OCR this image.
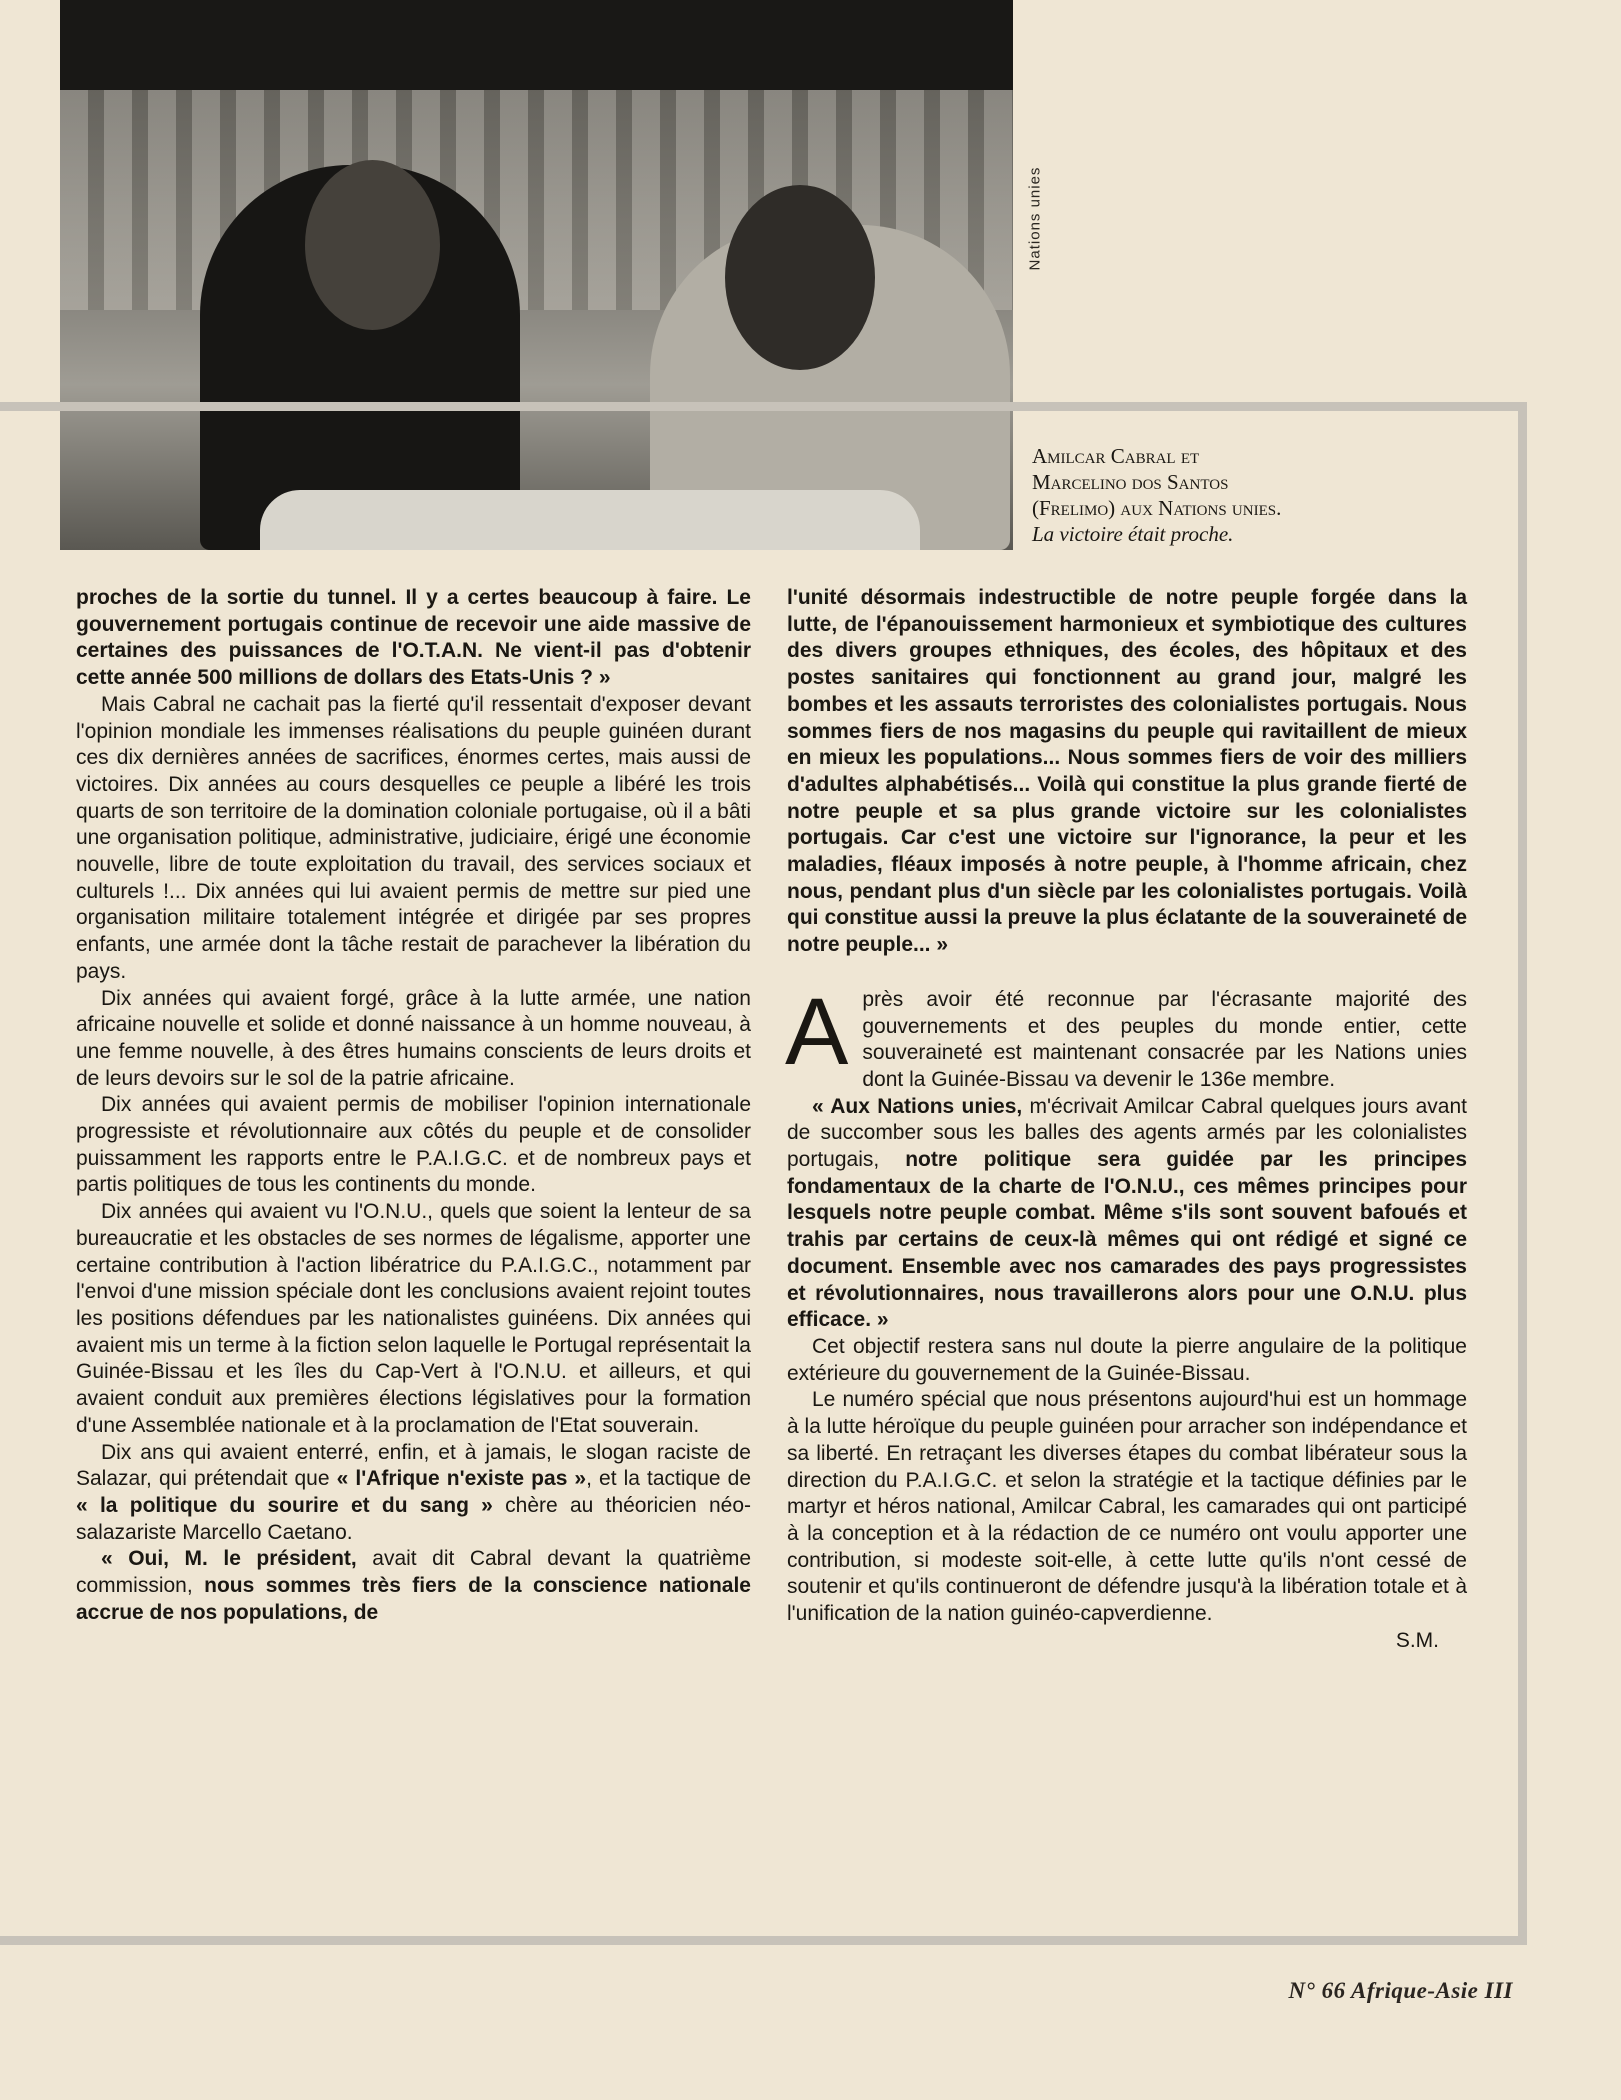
Nations unies
Amilcar Cabral et
Marcelino dos Santos
(Frelimo) aux Nations unies.
La victoire était proche.

proches de la sortie du tunnel. Il y a certes beaucoup à faire. Le gouvernement portugais continue de recevoir une aide massive de certaines des puissances de l'O.T.A.N. Ne vient-il pas d'obtenir cette année 500 millions de dollars des Etats-Unis ? »

Mais Cabral ne cachait pas la fierté qu'il ressentait d'exposer devant l'opinion mondiale les immenses réalisations du peuple guinéen durant ces dix dernières années de sacrifices, énormes certes, mais aussi de victoires. Dix années au cours desquelles ce peuple a libéré les trois quarts de son territoire de la domination coloniale portugaise, où il a bâti une organisation politique, administrative, judiciaire, érigé une économie nouvelle, libre de toute exploitation du travail, des services sociaux et culturels !... Dix années qui lui avaient permis de mettre sur pied une organisation militaire totalement intégrée et dirigée par ses propres enfants, une armée dont la tâche restait de parachever la libération du pays.

Dix années qui avaient forgé, grâce à la lutte armée, une nation africaine nouvelle et solide et donné naissance à un homme nouveau, à une femme nouvelle, à des êtres humains conscients de leurs droits et de leurs devoirs sur le sol de la patrie africaine.

Dix années qui avaient permis de mobiliser l'opinion internationale progressiste et révolutionnaire aux côtés du peuple et de consolider puissamment les rapports entre le P.A.I.G.C. et de nombreux pays et partis politiques de tous les continents du monde.

Dix années qui avaient vu l'O.N.U., quels que soient la lenteur de sa bureaucratie et les obstacles de ses normes de légalisme, apporter une certaine contribution à l'action libératrice du P.A.I.G.C., notamment par l'envoi d'une mission spéciale dont les conclusions avaient rejoint toutes les positions défendues par les nationalistes guinéens. Dix années qui avaient mis un terme à la fiction selon laquelle le Portugal représentait la Guinée-Bissau et les îles du Cap-Vert à l'O.N.U. et ailleurs, et qui avaient conduit aux premières élections législatives pour la formation d'une Assemblée nationale et à la proclamation de l'Etat souverain.

Dix ans qui avaient enterré, enfin, et à jamais, le slogan raciste de Salazar, qui prétendait que « l'Afrique n'existe pas », et la tactique de « la politique du sourire et du sang » chère au théoricien néo-salazariste Marcello Caetano.

« Oui, M. le président, avait dit Cabral devant la quatrième commission, nous sommes très fiers de la conscience nationale accrue de nos populations, de

l'unité désormais indestructible de notre peuple forgée dans la lutte, de l'épanouissement harmonieux et symbiotique des cultures des divers groupes ethniques, des écoles, des hôpitaux et des postes sanitaires qui fonctionnent au grand jour, malgré les bombes et les assauts terroristes des colonialistes portugais. Nous sommes fiers de nos magasins du peuple qui ravitaillent de mieux en mieux les populations... Nous sommes fiers de voir des milliers d'adultes alphabétisés... Voilà qui constitue la plus grande fierté de notre peuple et sa plus grande victoire sur les colonialistes portugais. Car c'est une victoire sur l'ignorance, la peur et les maladies, fléaux imposés à notre peuple, à l'homme africain, chez nous, pendant plus d'un siècle par les colonialistes portugais. Voilà qui constitue aussi la preuve la plus éclatante de la souveraineté de notre peuple... »

Après avoir été reconnue par l'écrasante majorité des gouvernements et des peuples du monde entier, cette souveraineté est maintenant consacrée par les Nations unies dont la Guinée-Bissau va devenir le 136e membre.

« Aux Nations unies, m'écrivait Amilcar Cabral quelques jours avant de succomber sous les balles des agents armés par les colonialistes portugais, notre politique sera guidée par les principes fondamentaux de la charte de l'O.N.U., ces mêmes principes pour lesquels notre peuple combat. Même s'ils sont souvent bafoués et trahis par certains de ceux-là mêmes qui ont rédigé et signé ce document. Ensemble avec nos camarades des pays progressistes et révolutionnaires, nous travaillerons alors pour une O.N.U. plus efficace. »

Cet objectif restera sans nul doute la pierre angulaire de la politique extérieure du gouvernement de la Guinée-Bissau.

Le numéro spécial que nous présentons aujourd'hui est un hommage à la lutte héroïque du peuple guinéen pour arracher son indépendance et sa liberté. En retraçant les diverses étapes du combat libérateur sous la direction du P.A.I.G.C. et selon la stratégie et la tactique définies par le martyr et héros national, Amilcar Cabral, les camarades qui ont participé à la conception et à la rédaction de ce numéro ont voulu apporter une contribution, si modeste soit-elle, à cette lutte qu'ils n'ont cessé de soutenir et qu'ils continueront de défendre jusqu'à la libération totale et à l'unification de la nation guinéo-capverdienne.

S.M.

N° 66 Afrique-Asie III
